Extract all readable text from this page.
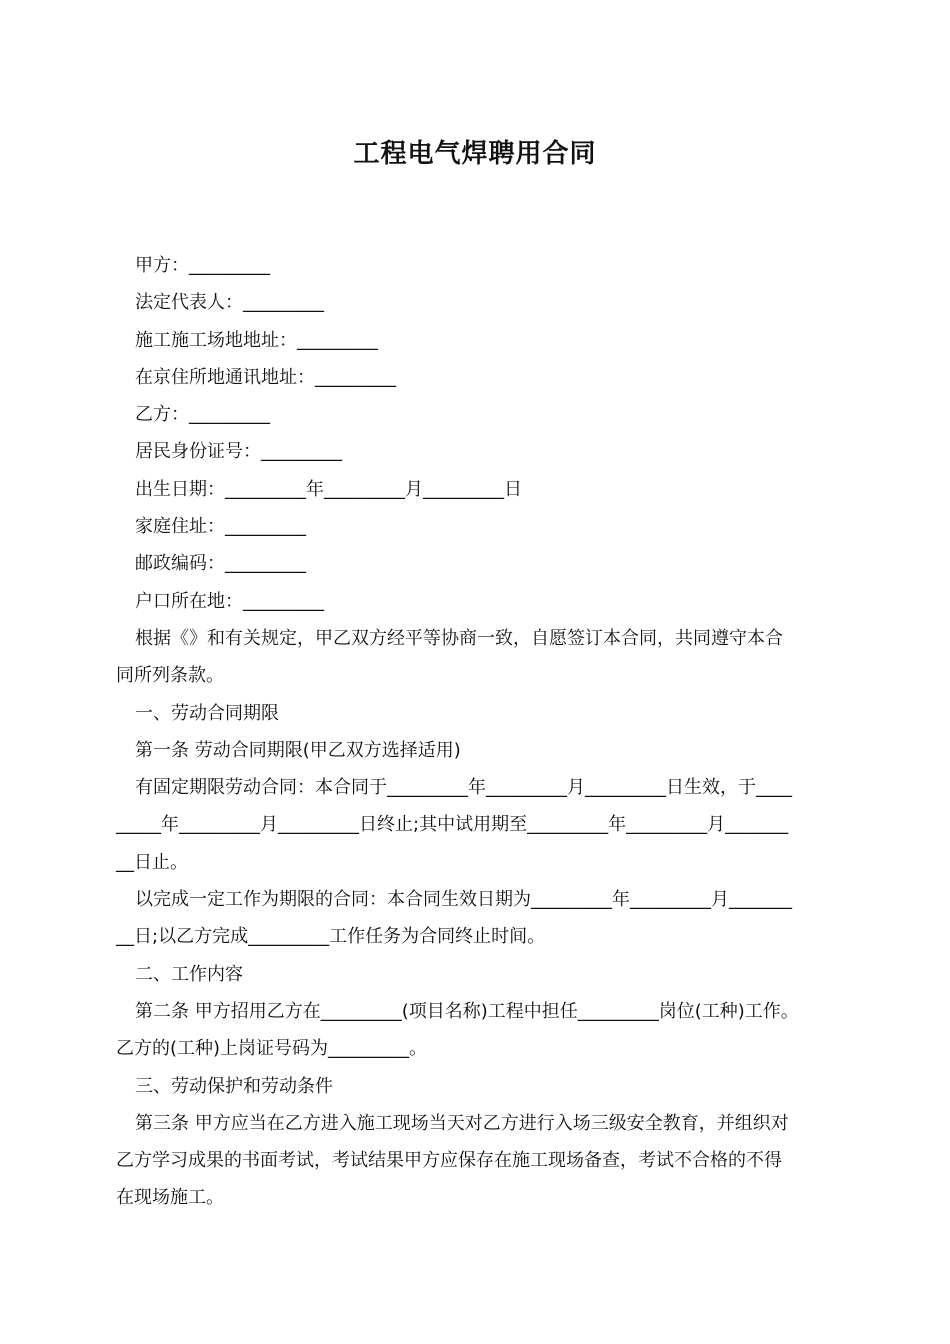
工程电气焊聘用合同
甲方：_________
法定代表人：_________
施工施工场地地址：_________
在京住所地通讯地址：_________
乙方：_________
居民身份证号：_________
出生日期：_________年_________月_________日
家庭住址：_________
邮政编码：_________
户口所在地：_________
根据《》和有关规定，甲乙双方经平等协商一致，自愿签订本合同，共同遵守本合
同所列条款。
一、劳动合同期限
第一条 劳动合同期限(甲乙双方选择适用)
有固定期限劳动合同：本合同于_________年_________月_________日生效，于____
_____年_________月_________日终止;其中试用期至_________年_________月_______
__日止。
以完成一定工作为期限的合同：本合同生效日期为_________年_________月_______
__日;以乙方完成_________工作任务为合同终止时间。
二、工作内容
第二条 甲方招用乙方在_________(项目名称)工程中担任_________岗位(工种)工作。
乙方的(工种)上岗证号码为_________。
三、劳动保护和劳动条件
第三条 甲方应当在乙方进入施工现场当天对乙方进行入场三级安全教育，并组织对
乙方学习成果的书面考试，考试结果甲方应保存在施工现场备查，考试不合格的不得
在现场施工。
